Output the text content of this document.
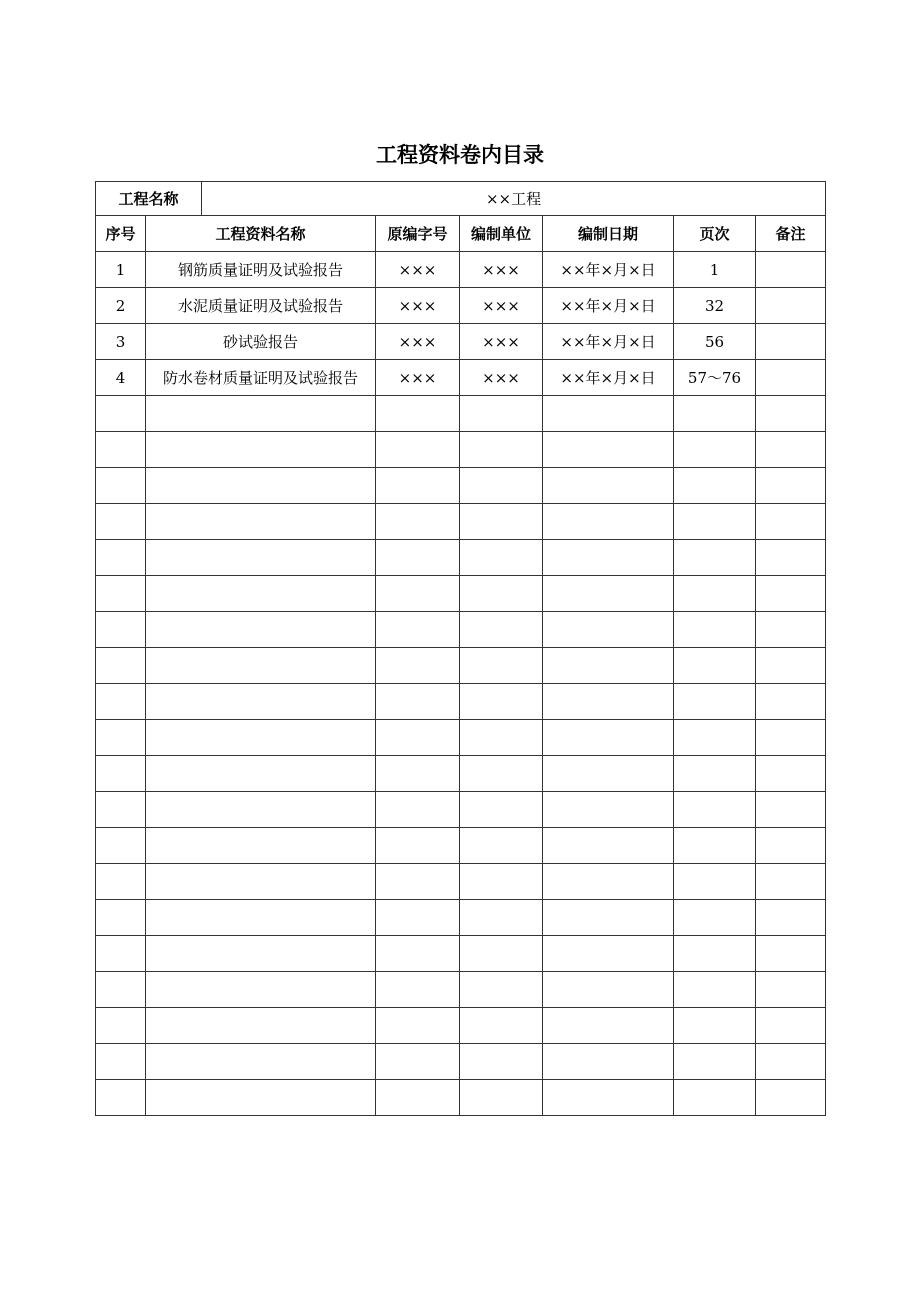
工程资料卷内目录
工程名称		××工程					
序号	工程资料名称		原编字号	编制单位	编制日期	页次	备注
1	钢筋质量证明及试验报告		×××	×××	××年×月×日	1	
2	水泥质量证明及试验报告		×××	×××	××年×月×日	32	
3	砂试验报告		×××	×××	××年×月×日	56	
4	防水卷材质量证明及试验报告		×××	×××	××年×月×日	57～76	
